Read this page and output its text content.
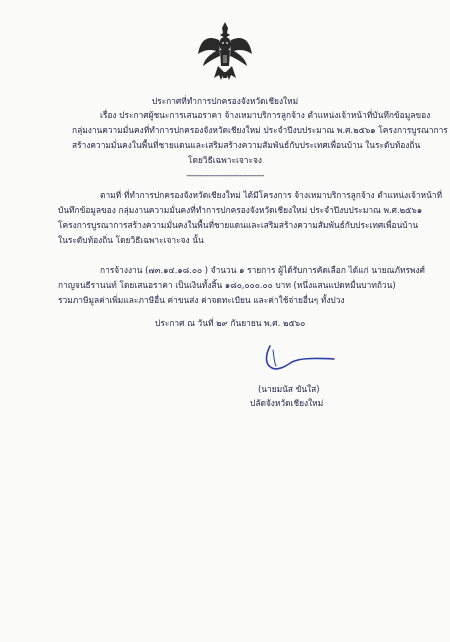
ประกาศที่ทำการปกครองจังหวัดเชียงใหม่
เรื่อง ประกาศผู้ชนะการเสนอราคา จ้างเหมาบริการลูกจ้าง ตำแหน่งเจ้าหน้าที่บันทึกข้อมูลของ
กลุ่มงานความมั่นคงที่ทำการปกครองจังหวัดเชียงใหม่ ประจำปีงบประมาณ พ.ศ.๒๕๖๑ โครงการบูรณาการ
สร้างความมั่นคงในพื้นที่ชายแดนและเสริมสร้างความสัมพันธ์กับประเทศเพื่อนบ้าน ในระดับท้องถิ่น
โดยวิธีเฉพาะเจาะจง
--------------------------------
ตามที่ ที่ทำการปกครองจังหวัดเชียงใหม่ ได้มีโครงการ จ้างเหมาบริการลูกจ้าง ตำแหน่งเจ้าหน้าที่
บันทึกข้อมูลของ กลุ่มงานความมั่นคงที่ทำการปกครองจังหวัดเชียงใหม่ ประจำปีงบประมาณ พ.ศ.๒๕๖๑
โครงการบูรณาการสร้างความมั่นคงในพื้นที่ชายแดนและเสริมสร้างความสัมพันธ์กับประเทศเพื่อนบ้าน
ในระดับท้องถิ่น โดยวิธีเฉพาะเจาะจง นั้น
การจ้างงาน (๗๓.๑๔.๑๘.๐๐ ) จำนวน ๑ รายการ ผู้ได้รับการคัดเลือก ได้แก่ นายณภัทรพงศ์
กาญจนธีรานนท์ โดยเสนอราคา เป็นเงินทั้งสิ้น ๑๘๐,๐๐๐.๐๐ บาท (หนึ่งแสนแปดหมื่นบาทถ้วน)
รวมภาษีมูลค่าเพิ่มและภาษีอื่น ค่าขนส่ง ค่าจดทะเบียน และค่าใช้จ่ายอื่นๆ ทั้งปวง
ประกาศ ณ วันที่ ๒๙ กันยายน พ.ศ. ๒๕๖๐
(นายมนัส ขันใส)
ปลัดจังหวัดเชียงใหม่
